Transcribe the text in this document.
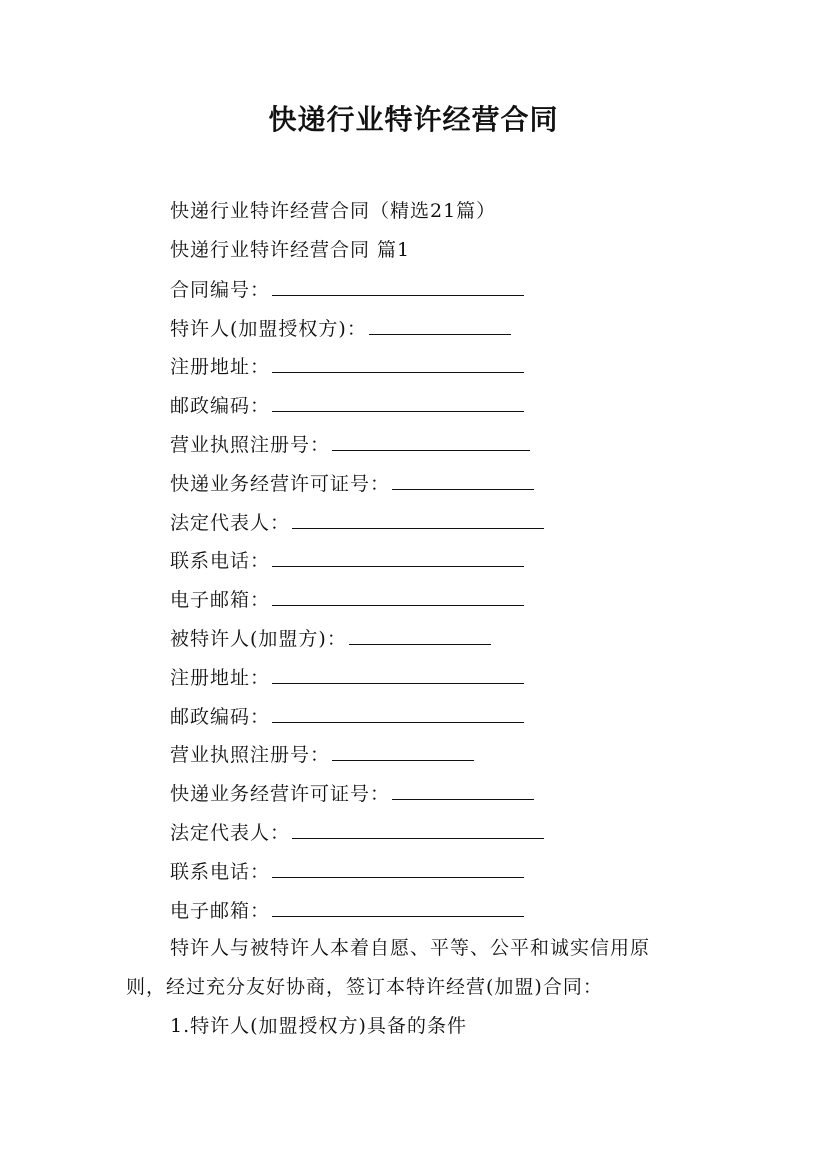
快递行业特许经营合同
快递行业特许经营合同（精选21篇）
快递行业特许经营合同 篇1
合同编号：
特许人(加盟授权方)：
注册地址：
邮政编码：
营业执照注册号：
快递业务经营许可证号：
法定代表人：
联系电话：
电子邮箱：
被特许人(加盟方)：
注册地址：
邮政编码：
营业执照注册号：
快递业务经营许可证号：
法定代表人：
联系电话：
电子邮箱：
特许人与被特许人本着自愿、平等、公平和诚实信用原
则，经过充分友好协商，签订本特许经营(加盟)合同：
1.特许人(加盟授权方)具备的条件
